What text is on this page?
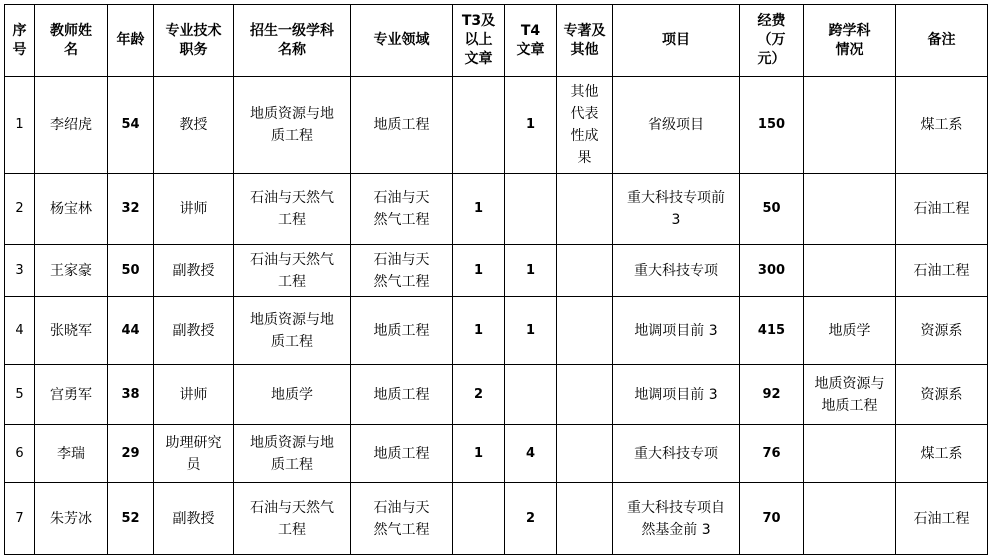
序号	教师姓名	年龄	专业技术职务	招生一级学科名称	专业领域	T3及以上文章	T4文章	专著及其他	项目	经费（万元）	跨学科情况	备注
1	李绍虎	54	教授	地质资源与地质工程	地质工程		1	其他代表性成果	省级项目	150		煤工系
2	杨宝林	32	讲师	石油与天然气工程	石油与天然气工程	1			重大科技专项前 3	50		石油工程
3	王家豪	50	副教授	石油与天然气工程	石油与天然气工程	1	1		重大科技专项	300		石油工程
4	张晓军	44	副教授	地质资源与地质工程	地质工程	1	1		地调项目前 3	415	地质学	资源系
5	宫勇军	38	讲师	地质学	地质工程	2			地调项目前 3	92	地质资源与地质工程	资源系
6	李瑞	29	助理研究员	地质资源与地质工程	地质工程	1	4		重大科技专项	76		煤工系
7	朱芳冰	52	副教授	石油与天然气工程	石油与天然气工程		2		重大科技专项自然基金前 3	70		石油工程
